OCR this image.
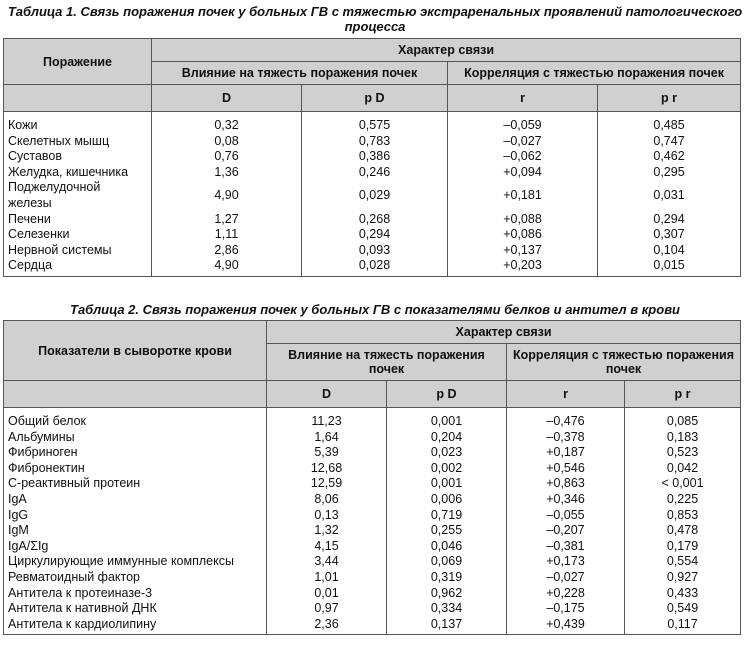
Таблица 1. Связь поражения почек у больных ГВ с тяжестью экстраренальных проявлений патологического процесса
Поражение	Характер связи			
	Влияние на тяжесть поражения почек		Корреляция с тяжестью поражения почек	
	D	p D	r	p r
Кожи	0,32	0,575	–0,059	0,485
Скелетных мышц	0,08	0,783	–0,027	0,747
Суставов	0,76	0,386	–0,062	0,462
Желудка, кишечника	1,36	0,246	+0,094	0,295
Поджелудочной железы	4,90	0,029	+0,181	0,031
Печени	1,27	0,268	+0,088	0,294
Селезенки	1,11	0,294	+0,086	0,307
Нервной системы	2,86	0,093	+0,137	0,104
Сердца	4,90	0,028	+0,203	0,015
Таблица 2. Связь поражения почек у больных ГВ с показателями белков и антител в крови
Показатели в сыворотке крови	Характер связи			
	Влияние на тяжесть поражения почек		Корреляция с тяжестью поражения почек	
	D	p D	r	p r
Общий белок	11,23	0,001	–0,476	0,085
Альбумины	1,64	0,204	–0,378	0,183
Фибриноген	5,39	0,023	+0,187	0,523
Фибронектин	12,68	0,002	+0,546	0,042
С-реактивный протеин	12,59	0,001	+0,863	< 0,001
IgA	8,06	0,006	+0,346	0,225
IgG	0,13	0,719	–0,055	0,853
IgM	1,32	0,255	–0,207	0,478
IgA/ΣIg	4,15	0,046	–0,381	0,179
Циркулирующие иммунные комплексы	3,44	0,069	+0,173	0,554
Ревматоидный фактор	1,01	0,319	–0,027	0,927
Антитела к протеиназе-3	0,01	0,962	+0,228	0,433
Антитела к нативной ДНК	0,97	0,334	–0,175	0,549
Антитела к кардиолипину	2,36	0,137	+0,439	0,117
